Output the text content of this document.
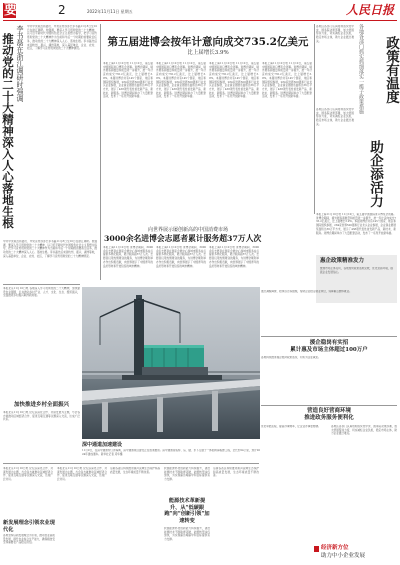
要闻	2	2022年11月11日 星期五	人民日报
推动党的二十大精神深入人心落地生根 李书磊在浙江调研时强调 中共中央政治局委员、中央宣传部部长李书磊11月8日至10日在浙江调研。他强调，要深入学习贯彻党的二十大精神，以习近平新时代中国特色社会主义思想为指导，把学习宣传贯彻党的二十大精神作为当前和今后一个时期的首要政治任务，推动党的二十大精神深入人心、落地生根。李书磊先后来到杭州、嘉兴、湖州等地，深入基层单位、企业、农村、社区，了解学习宣传贯彻党的二十大精神情况。
中共中央政治局委员、中央宣传部部长李书磊11月8日至10日在浙江调研。他强调，要深入学习贯彻党的二十大精神，以习近平新时代中国特色社会主义思想为指导，把学习宣传贯彻党的二十大精神作为当前和今后一个时期的首要政治任务，推动党的二十大精神深入人心、落地生根。李书磊先后来到杭州、嘉兴、湖州等地，深入基层单位、企业、农村、社区，了解学习宣传贯彻党的二十大精神情况。
第五届进博会按年计意向成交735.2亿美元
比上届增长3.9%
本报上海11月10日电 11月10日，第五届中国国际进口博览会闭幕。进博会期间，境外展客商数量和质量进一步提升，按一年计意向成交735.2亿美元，比上届增长3.9%。本届进博会共有145个国家、地区和国际组织参展，284家世界500强和行业龙头企业参展，企业商业展展览面积达36万平方米，展示了438项代表性首发新产品、新技术、新服务。进博会期间举办了大量配套活动，发布了一系列开放新举措。
本报上海11月10日电 11月10日，第五届中国国际进口博览会闭幕。进博会期间，境外展客商数量和质量进一步提升，按一年计意向成交735.2亿美元，比上届增长3.9%。本届进博会共有145个国家、地区和国际组织参展，284家世界500强和行业龙头企业参展，企业商业展展览面积达36万平方米，展示了438项代表性首发新产品、新技术、新服务。进博会期间举办了大量配套活动，发布了一系列开放新举措。
本报上海11月10日电 11月10日，第五届中国国际进口博览会闭幕。进博会期间，境外展客商数量和质量进一步提升，按一年计意向成交735.2亿美元，比上届增长3.9%。本届进博会共有145个国家、地区和国际组织参展，284家世界500强和行业龙头企业参展，企业商业展展览面积达36万平方米，展示了438项代表性首发新产品、新技术、新服务。进博会期间举办了大量配套活动，发布了一系列开放新举措。
本报上海11月10日电 11月10日，第五届中国国际进口博览会闭幕。进博会期间，境外展客商数量和质量进一步提升，按一年计意向成交735.2亿美元，比上届增长3.9%。本届进博会共有145个国家、地区和国际组织参展，284家世界500强和行业龙头企业参展，企业商业展展览面积达36万平方米，展示了438项代表性首发新产品、新技术、新服务。进博会期间举办了大量配套活动，发布了一系列开放新举措。
向世界展示屡创新高的中国消费市场
3000余名进博会志愿者累计服务超37万人次
本报上海11月10日电 进博会期间，3000余名志愿者在国家会展中心和城市服务站点提供多样化服务，累计服务超37万人次。志愿者们用热情周到的服务，为进博会顺利举办作出积极贡献，向世界展示了中国青年的良好形象和开放包容的城市精神。
本报上海11月10日电 进博会期间，3000余名志愿者在国家会展中心和城市服务站点提供多样化服务，累计服务超37万人次。志愿者们用热情周到的服务，为进博会顺利举办作出积极贡献，向世界展示了中国青年的良好形象和开放包容的城市精神。
本报上海11月10日电 进博会期间，3000余名志愿者在国家会展中心和城市服务站点提供多样化服务，累计服务超37万人次。志愿者们用热情周到的服务，为进博会顺利举办作出积极贡献，向世界展示了中国青年的良好形象和开放包容的城市精神。
本报上海11月10日电 11月10日，第五届中国国际进口博览会闭幕。进博会期间，境外展客商数量和质量进一步提升，按一年计意向成交735.2亿美元，比上届增长3.9%。本届进博会共有145个国家、地区和国际组织参展，284家世界500强和行业龙头企业参展，企业商业展展览面积达36万平方米，展示了438项代表性首发新产品、新技术、新服务。进博会期间举办了大量配套活动，发布了一系列开放新举措。
各地区各部门认真贯彻落实党中央、国务院决策部署，加大纾困帮扶力度，切实减轻企业负担，稳定市场主体，助力企业渡过难关。	各地各部门抓实抓细落实一揽子政策措施 政策有温度
助企添活力
各地区各部门认真贯彻落实党中央、国务院决策部署，加大纾困帮扶力度，切实减轻企业负担，稳定市场主体，助力企业渡过难关。
惠企政策精准发力
聚焦市场主体关切，各地加快政策落地见效，优化营商环境，提振企业发展信心。
通过减税降费、稳岗返还等措施，帮助企业稳定就业岗位，保障重点群体就业。
援企稳岗有实招
累计惠及市场主体超过100万户
各地持续推进援企稳岗政策落实，切实为企业减负。
营造良好营商环境
推进政务服务便利化
优化审批流程，提高办事效率，让企业办事更便捷。	各地区各部门认真贯彻落实党中央、国务院决策部署，加大纾困帮扶力度，切实减轻企业负担，稳定市场主体，助力企业渡过难关。
深中通道加速建设
11月9日，在深中通道伶仃洋海域，深中通道项目建设正在加速推进。深中通道是集桥、岛、隧、水下互通于一体的跨海集群工程，全长约24公里，预计2024年建成通车。新华社记者 邓华摄
本报北京11月10日电 各地深入学习贯彻党的二十大精神，加快建设农业强国，扎实推动乡村产业、人才、文化、生态、组织振兴，全面推进乡村振兴取得新进展。
加快推进乡村全面振兴
本报北京11月10日电 论坛以深化合作、共谋发展为主题，与会各方就推动区域经济合作、促进互联互通等议题深入交流，达成广泛共识。
本报北京11月10日电 论坛以深化合作、共谋发展为主题，与会各方就推动区域经济合作、促进互联互通等议题深入交流，达成广泛共识。
新发展理念引领农业现代化
各地坚持以新发展理念为引领，推动农业高质量发展，提升农业综合生产能力，确保粮食安全和重要农产品稳定供给。
本报北京11月10日电 论坛以深化合作、共谋发展为主题，与会各方就推动区域经济合作、促进互联互通等议题深入交流，达成广泛共识。
沿黄各省区持续推进黄河流域生态保护和高质量发展，生态环境质量不断改善。
能源技术革新提升、从“低碳跟跑”向“创新引领”加速转变
我国能源科技创新能力持续提升，清洁能源技术不断取得突破，能源转型步伐加快，为实现碳达峰碳中和目标提供有力支撑。
我国能源科技创新能力持续提升，清洁能源技术不断取得突破，能源转型步伐加快，为实现碳达峰碳中和目标提供有力支撑。
沿黄各省区持续推进黄河流域生态保护和高质量发展，生态环境质量不断改善。
经济新方位
助力中小企业发展
